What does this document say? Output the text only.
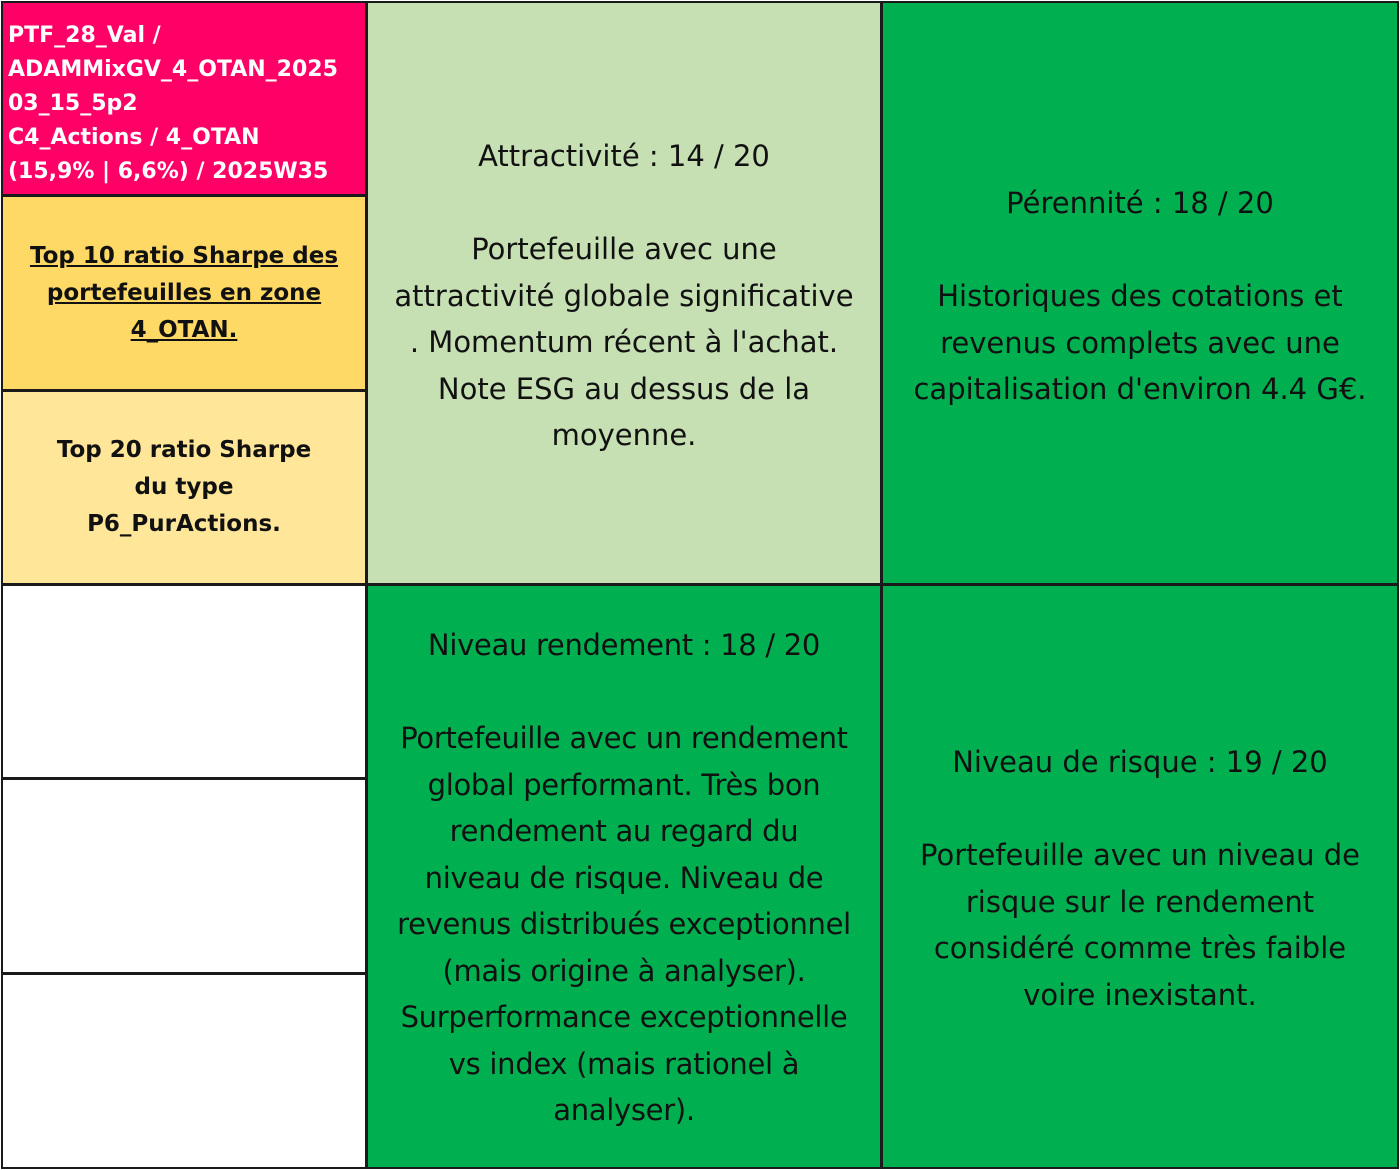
PTF_28_Val /
ADAMMixGV_4_OTAN_2025
03_15_5p2
C4_Actions / 4_OTAN
(15,9% | 6,6%) / 2025W35
Top 10 ratio Sharpe des portefeuilles en zone 4_OTAN.
Top 20 ratio Sharpe du type P6_PurActions.
Attractivité : 14 / 20
Portefeuille avec une
attractivité globale significative
. Momentum récent à l'achat.
Note ESG au dessus de la
moyenne.
Pérennité : 18 / 20
Historiques des cotations et
revenus complets avec une
capitalisation d'environ 4.4 G€.
Niveau rendement : 18 / 20
Portefeuille avec un rendement
global performant. Très bon
rendement au regard du
niveau de risque. Niveau de
revenus distribués exceptionnel
(mais origine à analyser).
Surperformance exceptionnelle
vs index (mais rationel à
analyser).
Niveau de risque : 19 / 20
Portefeuille avec un niveau de
risque sur le rendement
considéré comme très faible
voire inexistant.
